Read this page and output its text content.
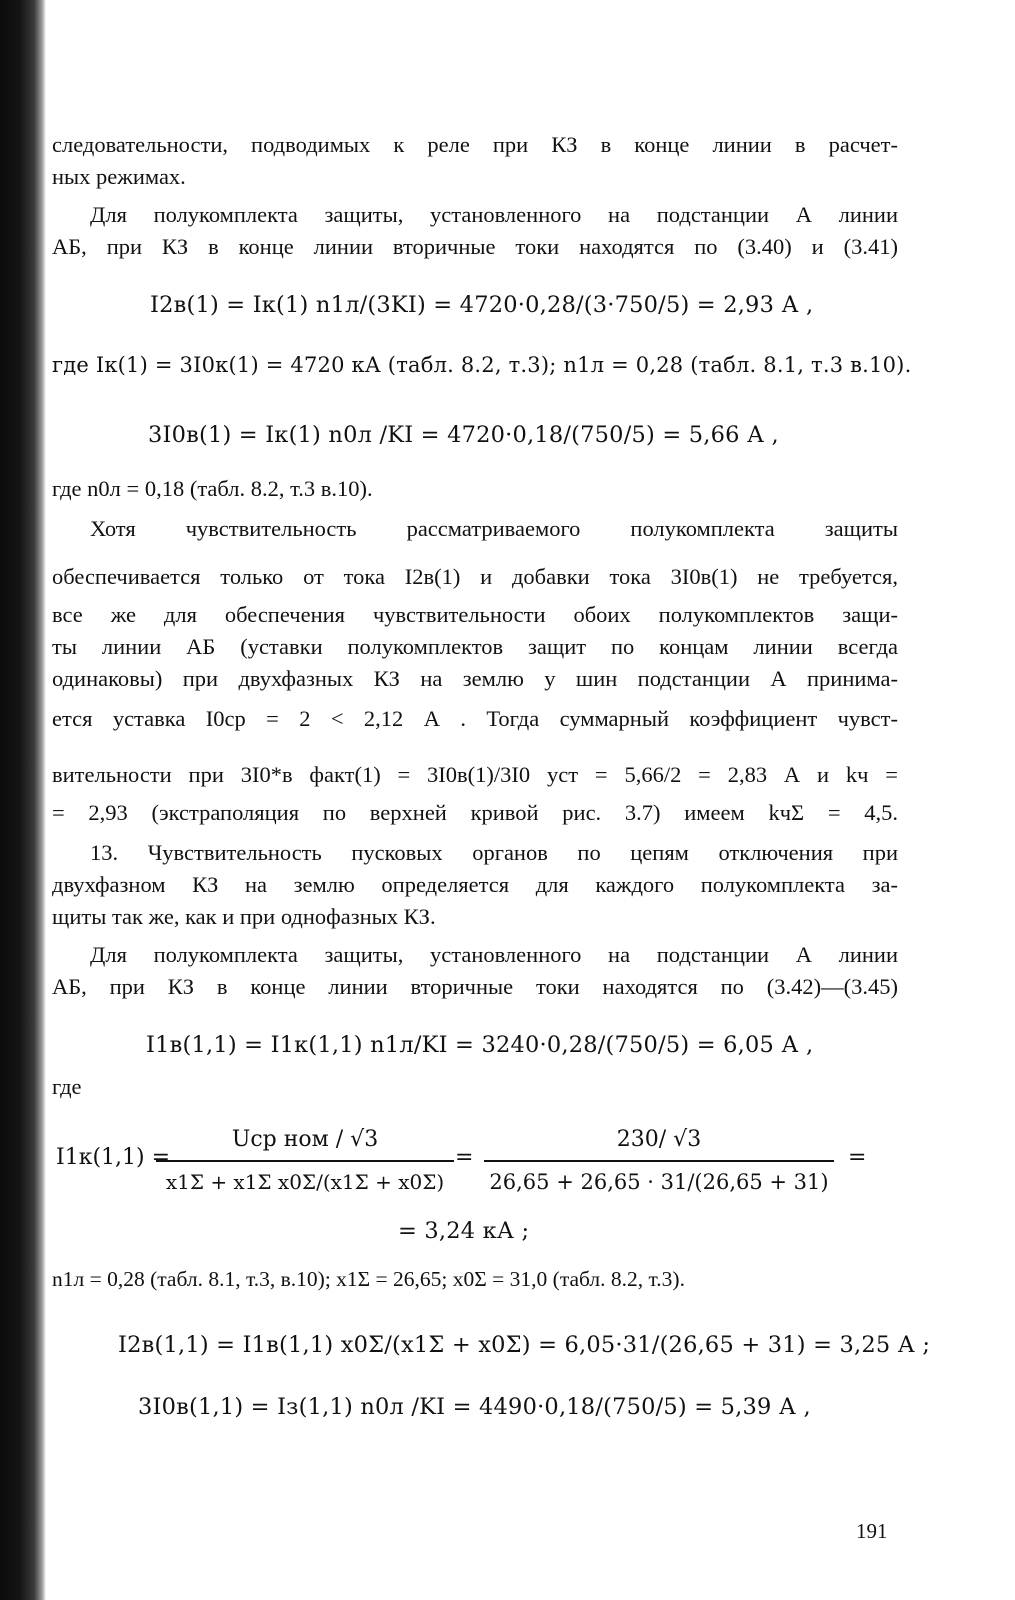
следовательности, подводимых к реле при КЗ в конце линии в расчет-
ных режимах.
Для полукомплекта защиты, установленного на подстанции А линии
АБ, при КЗ в конце линии вторичные токи находятся по (3.40) и (3.41)
I2в(1) = Iк(1) n1л/(3KI) = 4720·0,28/(3·750/5) = 2,93 А ,
где Iк(1) = 3I0к(1) = 4720 кА (табл. 8.2, т.3); n1л = 0,28 (табл. 8.1, т.3 в.10).
3I0в(1) = Iк(1) n0л /KI = 4720·0,18/(750/5) = 5,66 А ,
где n0л = 0,18 (табл. 8.2, т.3 в.10).
Хотя чувствительность рассматриваемого полукомплекта защиты
обеспечивается только от тока I2в(1) и добавки тока 3I0в(1) не требуется,
все же для обеспечения чувствительности обоих полукомплектов защи-
ты линии АБ (уставки полукомплектов защит по концам линии всегда
одинаковы) при двухфазных КЗ на землю у шин подстанции А принима-
ется уставка I0ср = 2 < 2,12 А . Тогда суммарный коэффициент чувст-
вительности при 3I0*в факт(1) = 3I0в(1)/3I0 уст = 5,66/2 = 2,83 А и kч =
= 2,93 (экстраполяция по верхней кривой рис. 3.7) имеем kчΣ = 4,5.
13. Чувствительность пусковых органов по цепям отключения при
двухфазном КЗ на землю определяется для каждого полукомплекта за-
щиты так же, как и при однофазных КЗ.
Для полукомплекта защиты, установленного на подстанции А линии
АБ, при КЗ в конце линии вторичные токи находятся по (3.42)—(3.45)
I1в(1,1) = I1к(1,1) n1л/KI = 3240·0,28/(750/5) = 6,05 А ,
где
I1к(1,1) =
Uср ном / √3
x1Σ + x1Σ x0Σ/(x1Σ + x0Σ)
=
230/ √3
26,65 + 26,65 · 31/(26,65 + 31)
=
= 3,24 кА ;
n1л = 0,28 (табл. 8.1, т.3, в.10); x1Σ = 26,65; x0Σ = 31,0 (табл. 8.2, т.3).
I2в(1,1) = I1в(1,1) x0Σ/(x1Σ + x0Σ) = 6,05·31/(26,65 + 31) = 3,25 А ;
3I0в(1,1) = Iз(1,1) n0л /KI = 4490·0,18/(750/5) = 5,39 А ,
191
